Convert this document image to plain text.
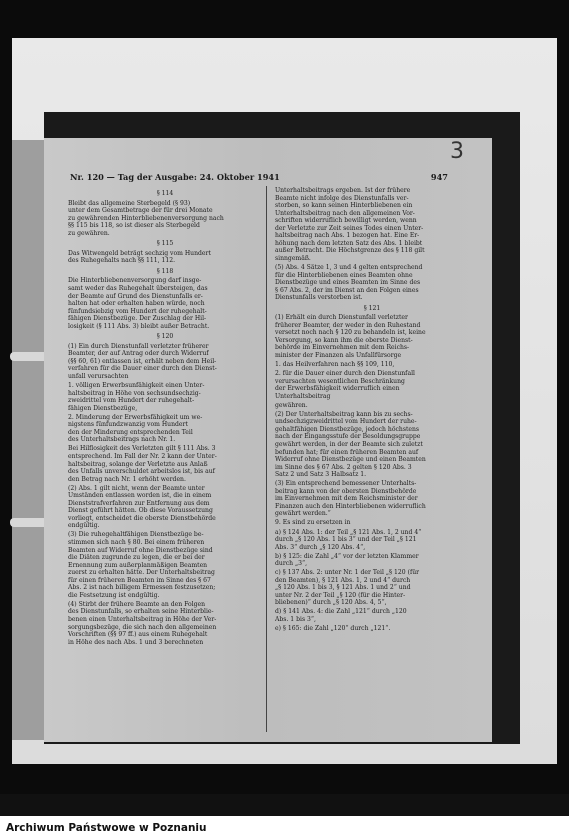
3
Nr. 120 — Tag der Ausgabe: 24. Oktober 1941	947
§ 114
Bleibt das allgemeine Sterbegeld (§ 93)
unter dem Gesamtbetrage der für drei Monate
zu gewährenden Hinterbliebenenversorgung nach
§§ 115 bis 118, so ist dieser als Sterbegeld
zu gewähren.
§ 115
Das Witwengeld beträgt sechzig vom Hundert
des Ruhegehalts nach §§ 111, 112.
§ 118
Die Hinterbliebenenversorgung darf insge-
samt weder das Ruhegehalt übersteigen, das
der Beamte auf Grund des Dienstunfalls er-
halten hat oder erhalten haben würde, noch
fünfundsiebzig vom Hundert der ruhegehalt-
fähigen Dienstbezüge. Der Zuschlag der Hil-
losigkeit (§ 111 Abs. 3) bleibt außer Betracht.
§ 120
(1) Ein durch Dienstunfall verletzter früherer
Beamter, der auf Antrag oder durch Widerruf
(§§ 60, 61) entlassen ist, erhält neben dem Heil-
verfahren für die Dauer einer durch den Dienst-
unfall verursachten
1. völligen Erwerbsunfähigkeit einen Unter-
haltsbeitrag in Höhe von sechsundsechzig-
zweidrittel vom Hundert der ruhegehalt-
fähigen Dienstbezüge,
2. Minderung der Erwerbsfähigkeit um we-
nigstens fünfundzwanzig vom Hundert
den der Minderung entsprechenden Teil
des Unterhaltsbeitrags nach Nr. 1.
Bei Hilflosigkeit des Verletzten gilt § 111 Abs. 3
entsprechend. Im Fall der Nr. 2 kann der Unter-
haltsbeitrag, solange der Verletzte aus Anlaß
des Unfalls unverschuldet arbeitslos ist, bis auf
den Betrag nach Nr. 1 erhöht werden.
(2) Abs. 1 gilt nicht, wenn der Beamte unter
Umständen entlassen worden ist, die in einem
Dienststrafverfahren zur Entfernung aus dem
Dienst geführt hätten. Ob diese Voraussetzung
vorliegt, entscheidet die oberste Dienstbehörde
endgültig.
(3) Die ruhegehaltfähigen Dienstbezüge be-
stimmen sich nach § 80. Bei einem früheren
Beamten auf Widerruf ohne Dienstbezüge sind
die Diäten zugrunde zu legen, die er bei der
Ernennung zum außerplanmäßigen Beamten
zuerst zu erhalten hätte. Der Unterhaltsbeitrag
für einen früheren Beamten im Sinne des § 67
Abs. 2 ist nach billigem Ermessen festzusetzen;
die Festsetzung ist endgültig.
(4) Stirbt der frühere Beamte an den Folgen
des Dienstunfalls, so erhalten seine Hinterblie-
benen einen Unterhaltsbeitrag in Höhe der Ver-
sorgungsbezüge, die sich nach den allgemeinen
Vorschriften (§§ 97 ff.) aus einem Ruhegehalt
in Höhe des nach Abs. 1 und 3 berechneten
Unterhaltsbeitrags ergeben. Ist der frühere
Beamte nicht infolge des Dienstunfalls ver-
storben, so kann seinen Hinterbliebenen ein
Unterhaltsbeitrag nach den allgemeinen Vor-
schriften widerruflich bewilligt werden, wenn
der Verletzte zur Zeit seines Todes einen Unter-
haltsbeitrag nach Abs. 1 bezogen hat. Eine Er-
höhung nach dem letzten Satz des Abs. 1 bleibt
außer Betracht. Die Höchstgrenze des § 118 gilt
sinngemäß.
(5) Abs. 4 Sätze 1, 3 und 4 gelten entsprechend
für die Hinterbliebenen eines Beamten ohne
Dienstbezüge und eines Beamten im Sinne des
§ 67 Abs. 2, der im Dienst an den Folgen eines
Dienstunfalls verstorben ist.
§ 121
(1) Erhält ein durch Dienstunfall verletzter
früherer Beamter, der weder in den Ruhestand
versetzt noch nach § 120 zu behandeln ist, keine
Versorgung, so kann ihm die oberste Dienst-
behörde im Einvernehmen mit dem Reichs-
minister der Finanzen als Unfallfürsorge
1. das Heilverfahren nach §§ 109, 110,
2. für die Dauer einer durch den Dienstunfall
verursachten wesentlichen Beschränkung
der Erwerbsfähigkeit widerruflich einen
Unterhaltsbeitrag
gewähren.
(2) Der Unterhaltsbeitrag kann bis zu sechs-
undsechzigzweidrittel vom Hundert der ruhe-
gehaltfähigen Dienstbezüge, jedoch höchstens
nach der Eingangsstufe der Besoldungsgruppe
gewährt werden, in der der Beamte sich zuletzt
befunden hat; für einen früheren Beamten auf
Widerruf ohne Dienstbezüge und einen Beamten
im Sinne des § 67 Abs. 2 gelten § 120 Abs. 3
Satz 2 und Satz 3 Halbsatz 1.
(3) Ein entsprechend bemessener Unterhalts-
beitrag kann von der obersten Dienstbehörde
im Einvernehmen mit dem Reichsminister der
Finanzen auch den Hinterbliebenen widerruflich
gewährt werden.“
9. Es sind zu ersetzen in
a) § 124 Abs. 1: der Teil „§ 121 Abs. 1, 2 und 4“
durch „§ 120 Abs. 1 bis 3“ und der Teil „§ 121
Abs. 3“ durch „§ 120 Abs. 4“,
b) § 125: die Zahl „4“ vor der letzten Klammer
durch „3“,
c) § 137 Abs. 2: unter Nr. 1 der Teil „§ 120 (für
den Beamten), § 121 Abs. 1, 2 und 4“ durch
„§ 120 Abs. 1 bis 3, § 121 Abs. 1 und 2“ und
unter Nr. 2 der Teil „§ 120 (für die Hinter-
bliebenen)“ durch „§ 120 Abs. 4, 5“,
d) § 141 Abs. 4: die Zahl „121“ durch „120
Abs. 1 bis 3“,
e) § 165: die Zahl „120“ durch „121“.
Archiwum Państwowe w Poznaniu
